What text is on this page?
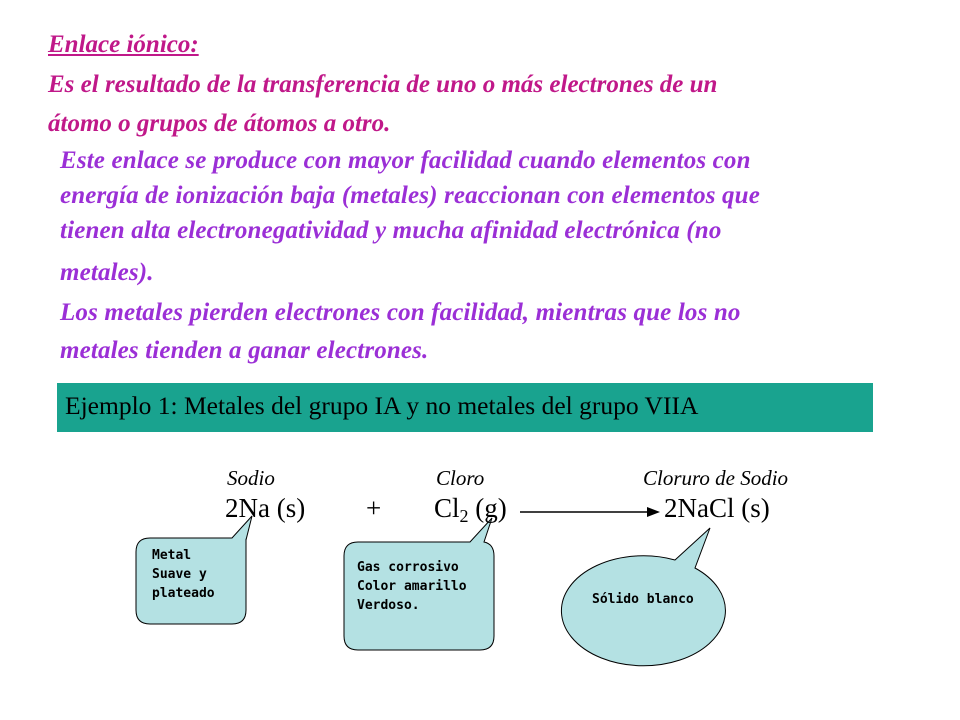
Enlace iónico:
Es el resultado de la transferencia de uno o más electrones de un
átomo o grupos de átomos a otro.
Este enlace se produce con mayor facilidad cuando elementos con
energía de ionización baja (metales) reaccionan con elementos que
tienen alta electronegatividad y mucha afinidad electrónica (no
metales).
Los metales pierden electrones con facilidad, mientras que los no
metales tienden a ganar electrones.
Ejemplo 1: Metales del grupo IA y no metales del grupo VIIA
Sodio	Cloro	Cloruro de Sodio
2Na $(s) + Cl_2$ (g)	2NaCl (s)
Metal
Suave y
plateado
Gas corrosivo
Color amarillo
Verdoso.	Sólido blanco
